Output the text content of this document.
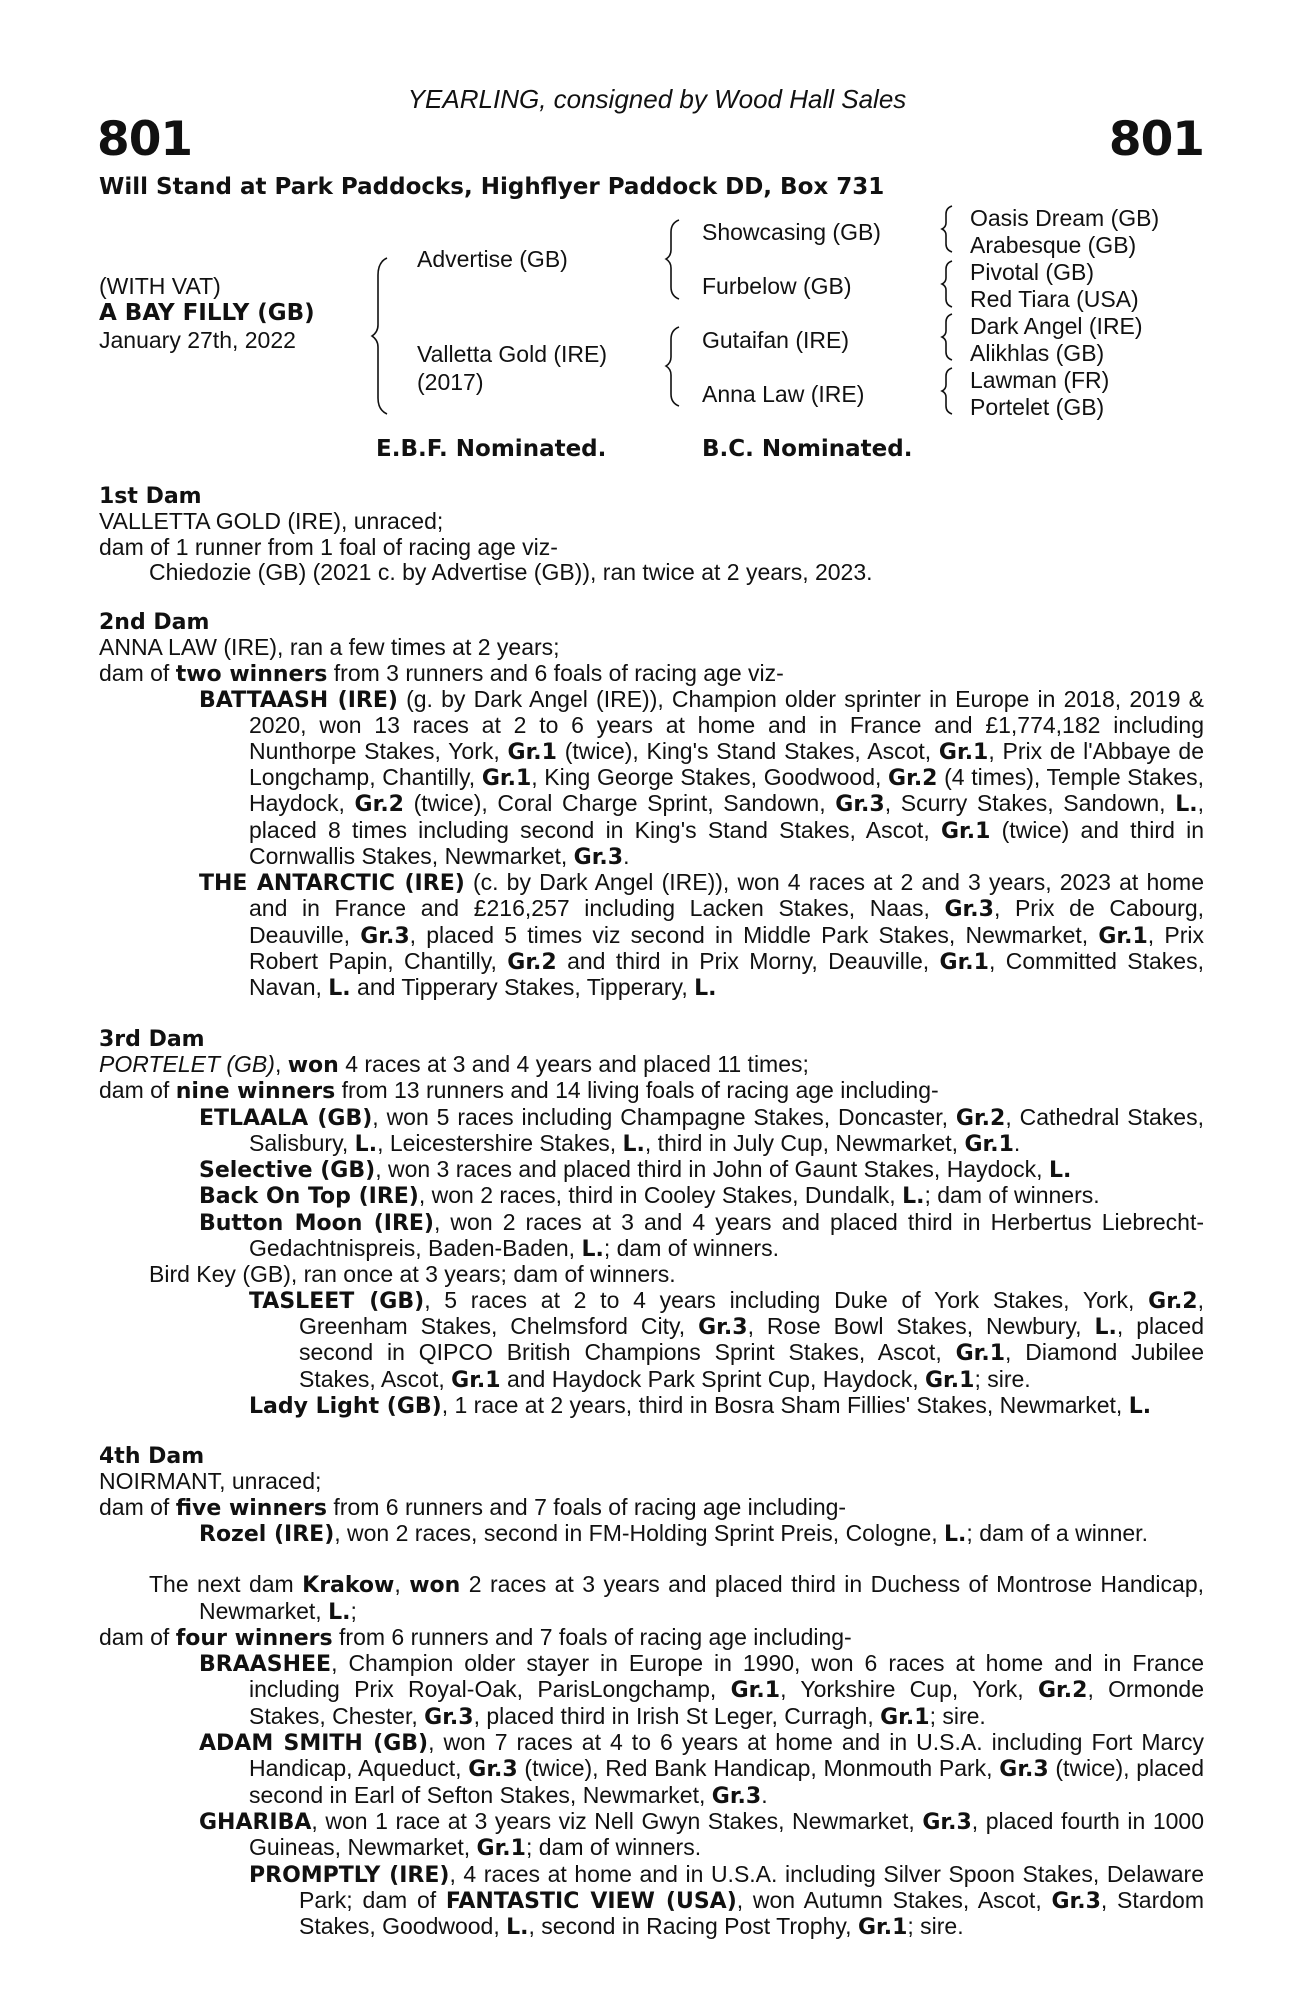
YEARLING, consigned by Wood Hall Sales
801	801
Will Stand at Park Paddocks, Highflyer Paddock DD, Box 731
(WITH VAT)
A BAY FILLY (GB)
January 27th, 2022
Advertise (GB)
Valletta Gold (IRE)
(2017)
Showcasing (GB)
Furbelow (GB)
Gutaifan (IRE)
Anna Law (IRE)
Oasis Dream (GB)
Arabesque (GB)
Pivotal (GB)
Red Tiara (USA)
Dark Angel (IRE)
Alikhlas (GB)
Lawman (FR)
Portelet (GB)
E.B.F. Nominated.	B.C. Nominated.

1st Dam

VALLETTA GOLD (IRE), unraced;

dam of 1 runner from 1 foal of racing age viz-

Chiedozie (GB) (2021 c. by Advertise (GB)), ran twice at 2 years, 2023.

2nd Dam

ANNA LAW (IRE), ran a few times at 2 years;

dam of two winners from 3 runners and 6 foals of racing age viz-

BATTAASH (IRE) (g. by Dark Angel (IRE)), Champion older sprinter in Europe in 2018, 2019 & 2020, won 13 races at 2 to 6 years at home and in France and £1,774,182 including Nunthorpe Stakes, York, Gr.1 (twice), King's Stand Stakes, Ascot, Gr.1, Prix de l'Abbaye de Longchamp, Chantilly, Gr.1, King George Stakes, Goodwood, Gr.2 (4 times), Temple Stakes, Haydock, Gr.2 (twice), Coral Charge Sprint, Sandown, Gr.3, Scurry Stakes, Sandown, L., placed 8 times including second in King's Stand Stakes, Ascot, Gr.1 (twice) and third in Cornwallis Stakes, Newmarket, Gr.3.

THE ANTARCTIC (IRE) (c. by Dark Angel (IRE)), won 4 races at 2 and 3 years, 2023 at home and in France and £216,257 including Lacken Stakes, Naas, Gr.3, Prix de Cabourg, Deauville, Gr.3, placed 5 times viz second in Middle Park Stakes, Newmarket, Gr.1, Prix Robert Papin, Chantilly, Gr.2 and third in Prix Morny, Deauville, Gr.1, Committed Stakes, Navan, L. and Tipperary Stakes, Tipperary, L.

3rd Dam

PORTELET (GB), won 4 races at 3 and 4 years and placed 11 times;

dam of nine winners from 13 runners and 14 living foals of racing age including-

ETLAALA (GB), won 5 races including Champagne Stakes, Doncaster, Gr.2, Cathedral Stakes, Salisbury, L., Leicestershire Stakes, L., third in July Cup, Newmarket, Gr.1.

Selective (GB), won 3 races and placed third in John of Gaunt Stakes, Haydock, L.

Back On Top (IRE), won 2 races, third in Cooley Stakes, Dundalk, L.; dam of winners.

Button Moon (IRE), won 2 races at 3 and 4 years and placed third in Herbertus Liebrecht-Gedachtnispreis, Baden-Baden, L.; dam of winners.

Bird Key (GB), ran once at 3 years; dam of winners.

TASLEET (GB), 5 races at 2 to 4 years including Duke of York Stakes, York, Gr.2, Greenham Stakes, Chelmsford City, Gr.3, Rose Bowl Stakes, Newbury, L., placed second in QIPCO British Champions Sprint Stakes, Ascot, Gr.1, Diamond Jubilee Stakes, Ascot, Gr.1 and Haydock Park Sprint Cup, Haydock, Gr.1; sire.

Lady Light (GB), 1 race at 2 years, third in Bosra Sham Fillies' Stakes, Newmarket, L.

4th Dam

NOIRMANT, unraced;

dam of five winners from 6 runners and 7 foals of racing age including-

Rozel (IRE), won 2 races, second in FM-Holding Sprint Preis, Cologne, L.; dam of a winner.

The next dam Krakow, won 2 races at 3 years and placed third in Duchess of Montrose Handicap, Newmarket, L.;

dam of four winners from 6 runners and 7 foals of racing age including-

BRAASHEE, Champion older stayer in Europe in 1990, won 6 races at home and in France including Prix Royal-Oak, ParisLongchamp, Gr.1, Yorkshire Cup, York, Gr.2, Ormonde Stakes, Chester, Gr.3, placed third in Irish St Leger, Curragh, Gr.1; sire.

ADAM SMITH (GB), won 7 races at 4 to 6 years at home and in U.S.A. including Fort Marcy Handicap, Aqueduct, Gr.3 (twice), Red Bank Handicap, Monmouth Park, Gr.3 (twice), placed second in Earl of Sefton Stakes, Newmarket, Gr.3.

GHARIBA, won 1 race at 3 years viz Nell Gwyn Stakes, Newmarket, Gr.3, placed fourth in 1000 Guineas, Newmarket, Gr.1; dam of winners.

PROMPTLY (IRE), 4 races at home and in U.S.A. including Silver Spoon Stakes, Delaware Park; dam of FANTASTIC VIEW (USA), won Autumn Stakes, Ascot, Gr.3, Stardom Stakes, Goodwood, L., second in Racing Post Trophy, Gr.1; sire.
